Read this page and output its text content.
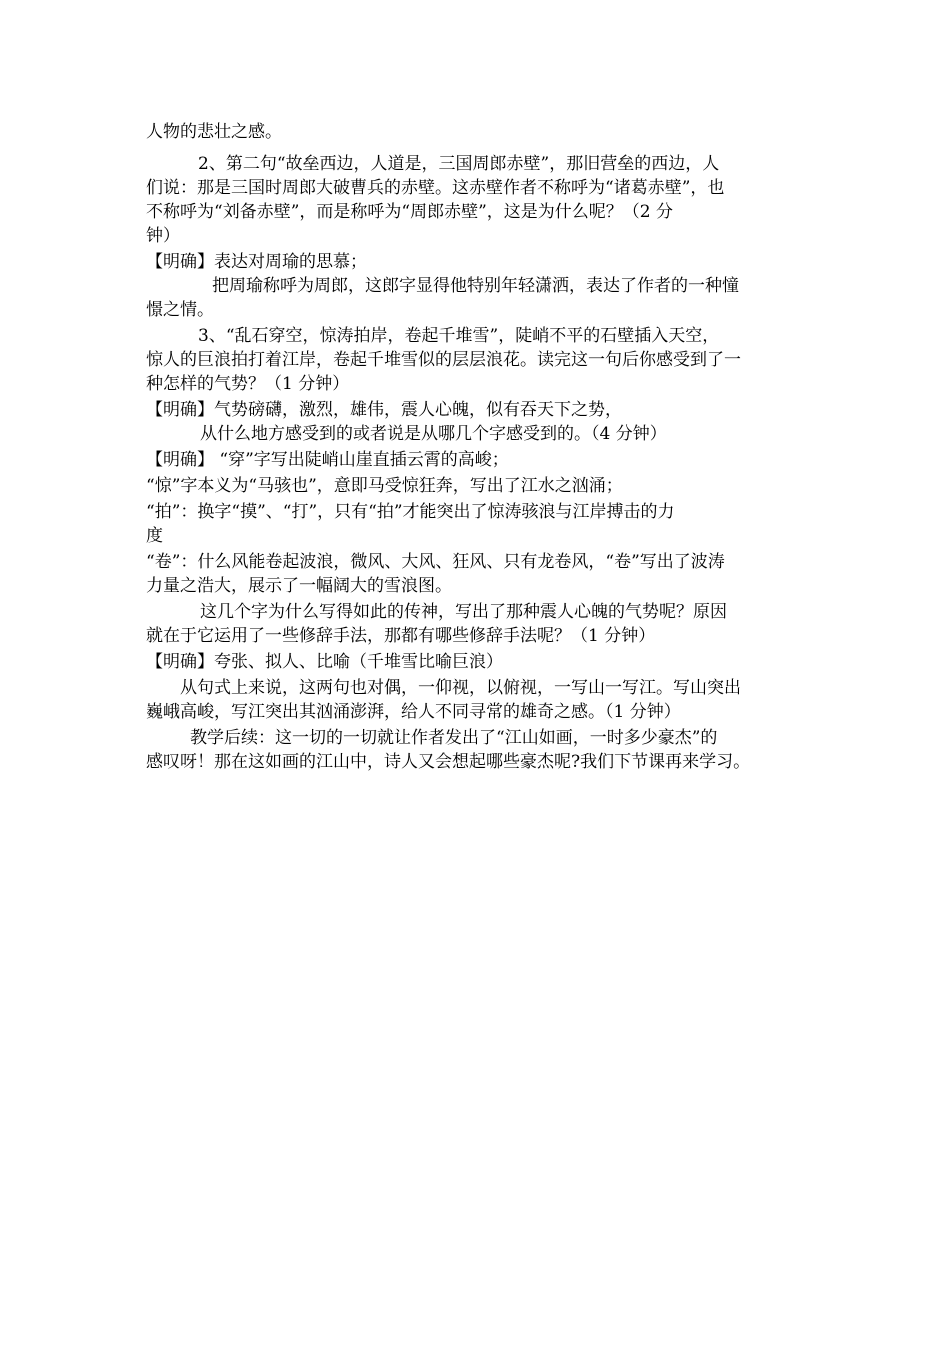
人物的悲壮之感。
2、第二句“故垒西边，人道是，三国周郎赤壁”，那旧营垒的西边，人
们说：那是三国时周郎大破曹兵的赤壁。这赤壁作者不称呼为“诸葛赤壁”，也
不称呼为“刘备赤壁”，而是称呼为“周郎赤壁”，这是为什么呢？（2 分
钟）
【明确】表达对周瑜的思慕；
把周瑜称呼为周郎，这郎字显得他特别年轻潇洒，表达了作者的一种憧
憬之情。
3、“乱石穿空，惊涛拍岸，卷起千堆雪”，陡峭不平的石壁插入天空，
惊人的巨浪拍打着江岸，卷起千堆雪似的层层浪花。读完这一句后你感受到了一
种怎样的气势？（1 分钟）
【明确】气势磅礴，激烈，雄伟，震人心魄，似有吞天下之势，
从什么地方感受到的或者说是从哪几个字感受到的。（4 分钟）
【明确】 “穿”字写出陡峭山崖直插云霄的高峻；
“惊”字本义为“马骇也”，意即马受惊狂奔，写出了江水之汹涌；
“拍”：换字“摸”、“打”，只有“拍”才能突出了惊涛骇浪与江岸搏击的力
度
“卷”：什么风能卷起波浪，微风、大风、狂风、只有龙卷风，“卷”写出了波涛
力量之浩大，展示了一幅阔大的雪浪图。
这几个字为什么写得如此的传神，写出了那种震人心魄的气势呢？原因
就在于它运用了一些修辞手法，那都有哪些修辞手法呢？（1 分钟）
【明确】夸张、拟人、比喻（千堆雪比喻巨浪）
从句式上来说，这两句也对偶，一仰视，以俯视，一写山一写江。写山突出
巍峨高峻，写江突出其汹涌澎湃，给人不同寻常的雄奇之感。（1 分钟）
教学后续：这一切的一切就让作者发出了“江山如画，一时多少豪杰”的
感叹呀！那在这如画的江山中，诗人又会想起哪些豪杰呢?我们下节课再来学习。
